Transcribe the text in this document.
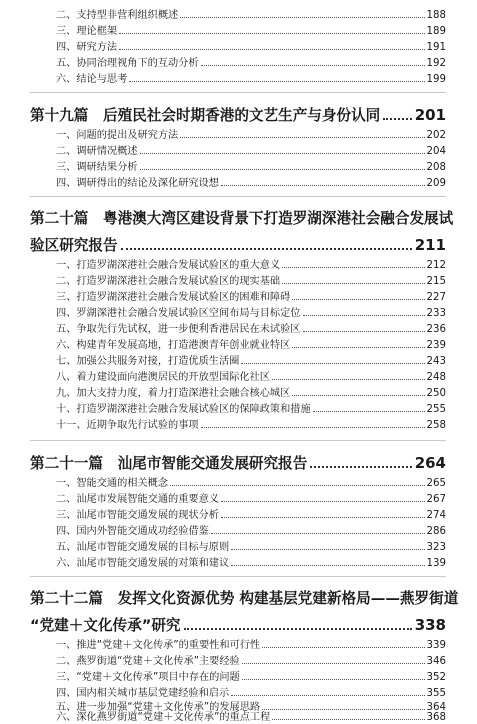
二、支持型非营利组织概述	188
三、理论框架	189
四、研究方法	191
五、协同治理视角下的互动分析	192
六、结论与思考	199
第十九篇　后殖民社会时期香港的文艺生产与身份认同 201
一、问题的提出及研究方法	202
二、调研情况概述	204
三、调研结果分析	208
四、调研得出的结论及深化研究设想	209
第二十篇　粤港澳大湾区建设背景下打造罗湖深港社会融合发展试
验区研究报告	211
一、打造罗湖深港社会融合发展试验区的重大意义	212
二、打造罗湖深港社会融合发展试验区的现实基础	215
三、打造罗湖深港社会融合发展试验区的困难和障碍	227
四、罗湖深港社会融合发展试验区空间布局与目标定位	233
五、争取先行先试权，进一步便利香港居民在未试验区	236
六、构建青年发展高地，打造港澳青年创业就业特区	239
七、加强公共服务对接，打造优质生活圈	243
八、着力建设面向港澳居民的开放型国际化社区	248
九、加大支持力度，着力打造深港社会融合核心城区	250
十、打造罗湖深港社会融合发展试验区的保障政策和措施	255
十一、近期争取先行试验的事项	258
第二十一篇　汕尾市智能交通发展研究报告	264
一、智能交通的相关概念	265
二、汕尾市发展智能交通的重要意义	267
三、汕尾市智能交通发展的现状分析	274
四、国内外智能交通成功经验借鉴	286
五、汕尾市智能交通发展的目标与原则	323
六、汕尾市智能交通发展的对策和建议	139
第二十二篇　发挥文化资源优势 构建基层党建新格局——燕罗街道
“党建＋文化传承”研究	338
一、推进“党建＋文化传承”的重要性和可行性	339
二、燕罗街道“党建＋文化传承”主要经验	346
三、“党建＋文化传承”项目中存在的问题	352
四、国内相关城市基层党建经验和启示	355
五、进一步加强“党建＋文化传承”的发展思路	364
六、深化燕罗街道“党建＋文化传承”的重点工程	368
